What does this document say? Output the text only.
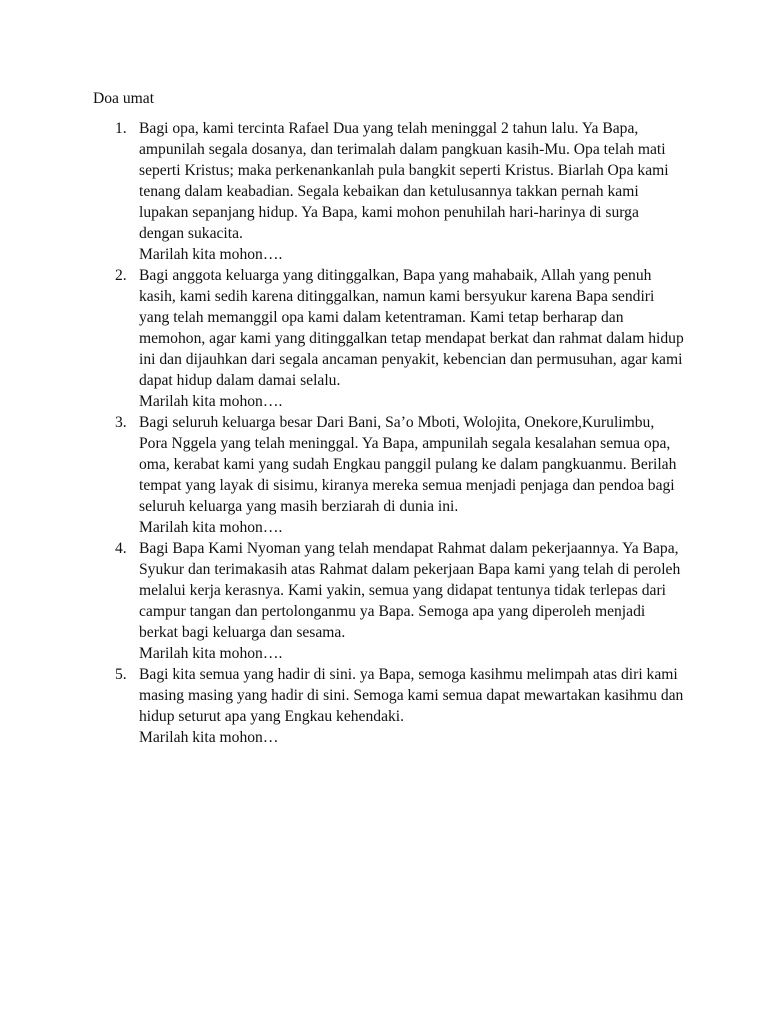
Doa umat
1. Bagi opa, kami tercinta Rafael Dua yang telah meninggal 2 tahun lalu. Ya Bapa, ampunilah segala dosanya, dan terimalah dalam pangkuan kasih-Mu. Opa telah mati seperti Kristus; maka perkenankanlah pula bangkit seperti Kristus. Biarlah Opa kami tenang dalam keabadian. Segala kebaikan dan ketulusannya takkan pernah kami lupakan sepanjang hidup. Ya Bapa, kami mohon penuhilah hari-harinya di surga dengan sukacita.
Marilah kita mohon….
2. Bagi anggota keluarga yang ditinggalkan, Bapa yang mahabaik, Allah yang penuh kasih, kami sedih karena ditinggalkan, namun kami bersyukur karena Bapa sendiri yang telah memanggil opa kami dalam ketentraman. Kami tetap berharap dan memohon, agar kami yang ditinggalkan tetap mendapat berkat dan rahmat dalam hidup ini dan dijauhkan dari segala ancaman penyakit, kebencian dan permusuhan, agar kami dapat hidup dalam damai selalu.
Marilah kita mohon….
3. Bagi seluruh keluarga besar Dari Bani, Sa’o Mboti, Wolojita, Onekore,Kurulimbu, Pora Nggela yang telah meninggal. Ya Bapa, ampunilah segala kesalahan semua opa, oma, kerabat kami yang sudah Engkau panggil pulang ke dalam pangkuanmu. Berilah tempat yang layak di sisimu, kiranya mereka semua menjadi penjaga dan pendoa bagi seluruh keluarga yang masih berziarah di dunia ini.
Marilah kita mohon….
4. Bagi Bapa Kami Nyoman yang telah mendapat Rahmat dalam pekerjaannya. Ya Bapa, Syukur dan terimakasih atas Rahmat dalam pekerjaan Bapa kami yang telah di peroleh melalui kerja kerasnya. Kami yakin, semua yang didapat tentunya tidak terlepas dari campur tangan dan pertolonganmu ya Bapa. Semoga apa yang diperoleh menjadi berkat bagi keluarga dan sesama.
Marilah kita mohon….
5. Bagi kita semua yang hadir di sini. ya Bapa, semoga kasihmu melimpah atas diri kami masing masing yang hadir di sini. Semoga kami semua dapat mewartakan kasihmu dan hidup seturut apa yang Engkau kehendaki.
Marilah kita mohon…
